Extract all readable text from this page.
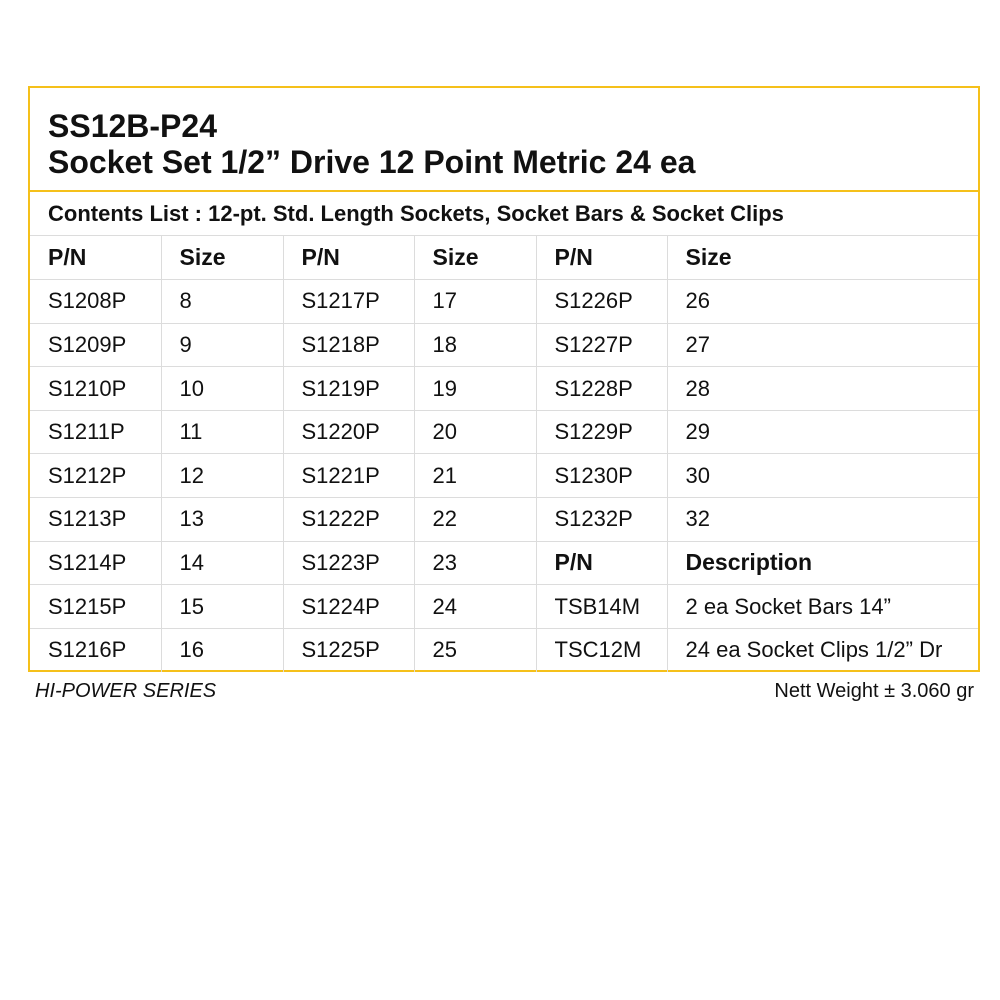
SS12B-P24
Socket Set 1/2” Drive 12 Point Metric 24 ea
Contents List : 12-pt. Std. Length Sockets, Socket Bars & Socket Clips
P/N	Size	P/N	Size	P/N	Size
S1208P	8	S1217P	17	S1226P	26
S1209P	9	S1218P	18	S1227P	27
S1210P	10	S1219P	19	S1228P	28
S1211P	11	S1220P	20	S1229P	29
S1212P	12	S1221P	21	S1230P	30
S1213P	13	S1222P	22	S1232P	32
S1214P	14	S1223P	23	P/N	Description
S1215P	15	S1224P	24	TSB14M	2 ea Socket Bars 14”
S1216P	16	S1225P	25	TSC12M	24 ea Socket Clips 1/2” Dr
HI-POWER SERIES	Nett Weight ± 3.060 gr
